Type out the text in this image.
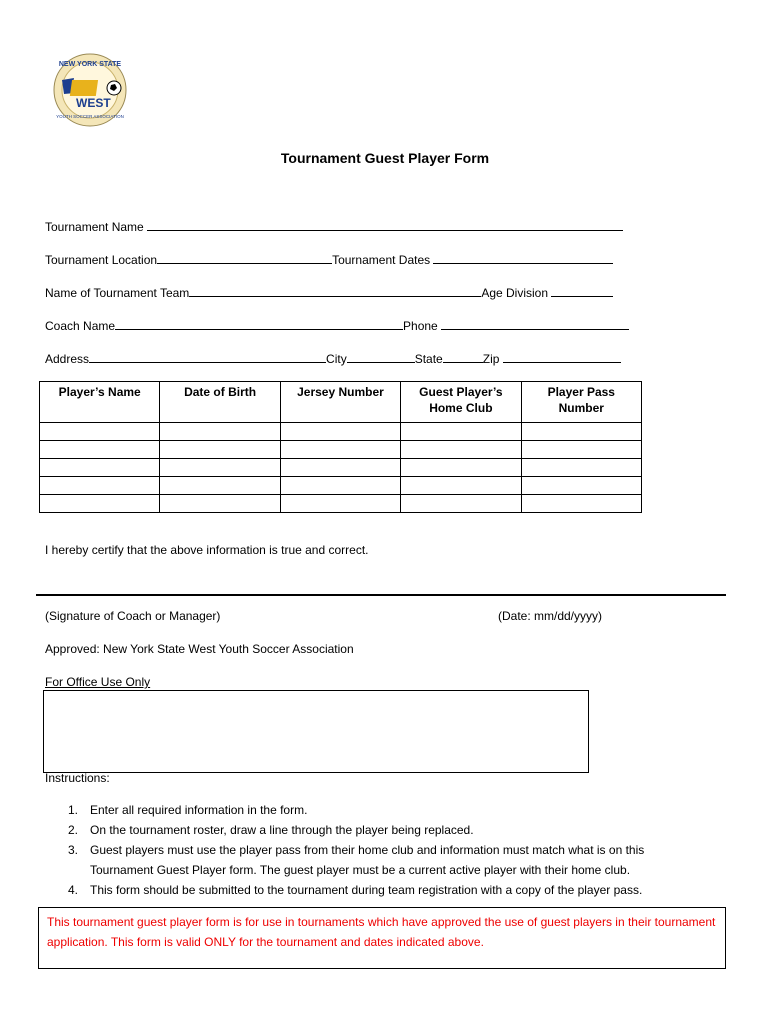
WEST
NEW YORK STATE
YOUTH SOCCER ASSOCIATION
Tournament Guest Player Form
Tournament Name
Tournament Location	Tournament Dates
Name of Tournament Team	Age Division
Coach Name	Phone
Address	City	State	Zip
Player’s Name	Date of Birth	Jersey Number	Guest Player’s Home Club	Player Pass Number

I hereby certify that the above information is true and correct.
(Signature of Coach or Manager)	(Date: mm/dd/yyyy)
Approved: New York State West Youth Soccer Association
For Office Use Only
Instructions:
1. Enter all required information in the form.
2. On the tournament roster, draw a line through the player being replaced.
3. Guest players must use the player pass from their home club and information must match what is on this
Tournament Guest Player form. The guest player must be a current active player with their home club.
4. This form should be submitted to the tournament during team registration with a copy of the player pass.
This tournament guest player form is for use in tournaments which have approved the use of guest players in their tournament application. This form is valid ONLY for the tournament and dates indicated above.
